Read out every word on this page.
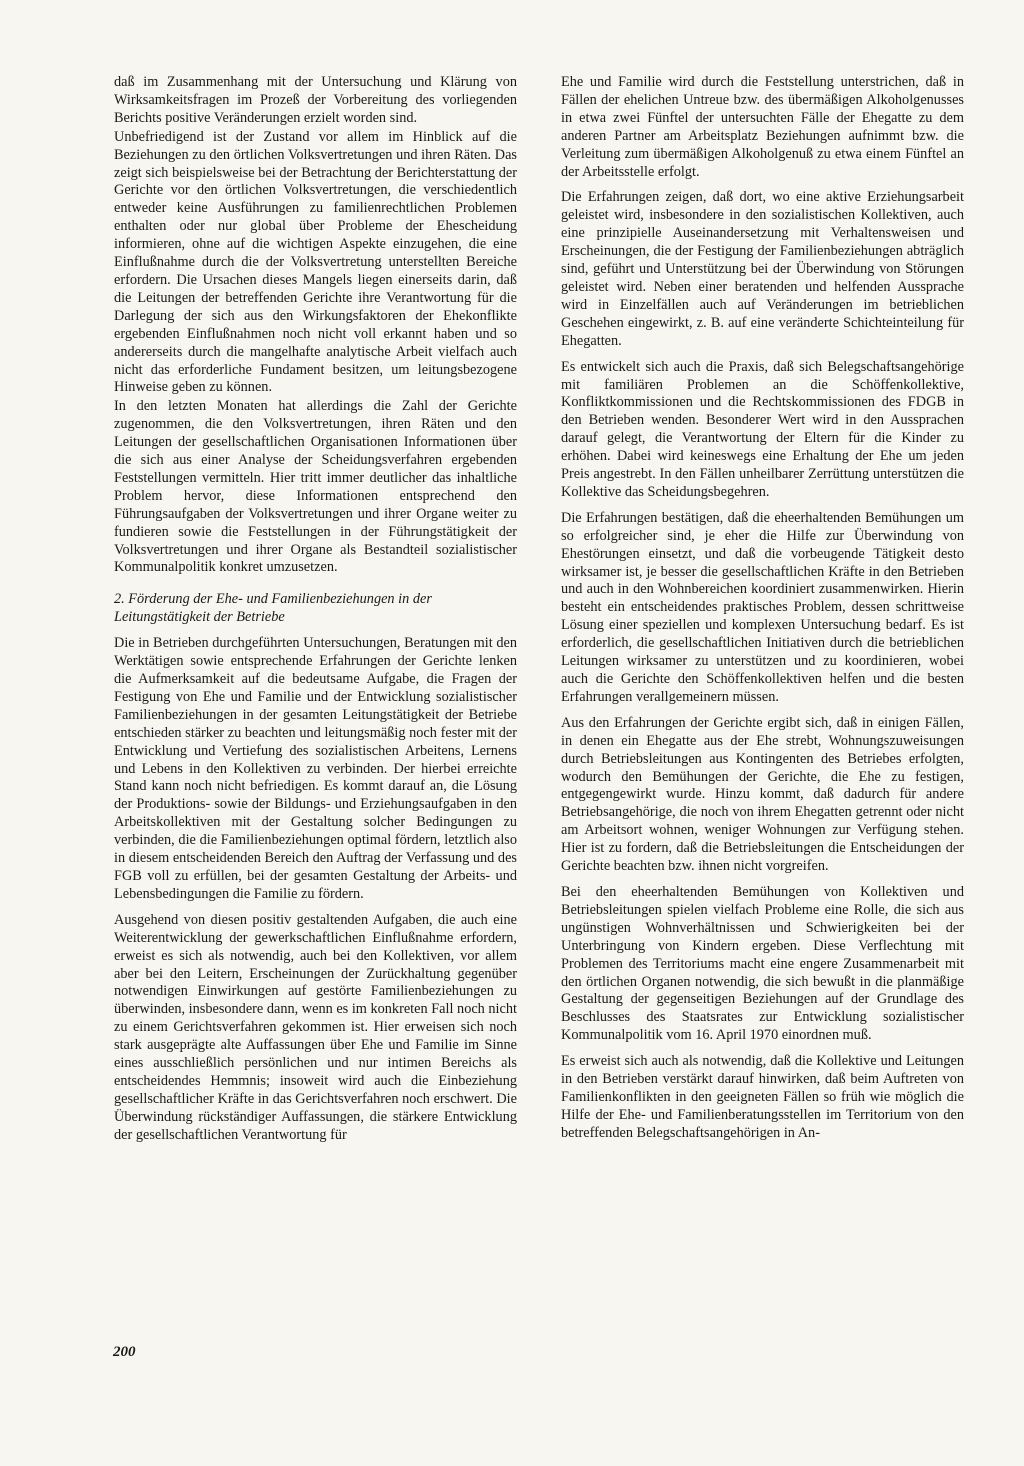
daß im Zusammenhang mit der Untersuchung und Klärung von Wirksamkeitsfragen im Prozeß der Vorbereitung des vorliegenden Berichts positive Veränderungen erzielt worden sind.

Unbefriedigend ist der Zustand vor allem im Hinblick auf die Beziehungen zu den örtlichen Volksvertretungen und ihren Räten. Das zeigt sich beispielsweise bei der Betrachtung der Berichterstattung der Gerichte vor den örtlichen Volksvertretungen, die verschiedentlich entweder keine Ausführungen zu familienrechtlichen Problemen enthalten oder nur global über Probleme der Ehescheidung informieren, ohne auf die wichtigen Aspekte einzugehen, die eine Einflußnahme durch die der Volksvertretung unterstellten Bereiche erfordern. Die Ursachen dieses Mangels liegen einerseits darin, daß die Leitungen der betreffenden Gerichte ihre Verantwortung für die Darlegung der sich aus den Wirkungsfaktoren der Ehekonflikte ergebenden Einflußnahmen noch nicht voll erkannt haben und so andererseits durch die mangelhafte analytische Arbeit vielfach auch nicht das erforderliche Fundament besitzen, um leitungsbezogene Hinweise geben zu können.

In den letzten Monaten hat allerdings die Zahl der Gerichte zugenommen, die den Volksvertretungen, ihren Räten und den Leitungen der gesellschaftlichen Organisationen Informationen über die sich aus einer Analyse der Scheidungsverfahren ergebenden Feststellungen vermitteln. Hier tritt immer deutlicher das inhaltliche Problem hervor, diese Informationen entsprechend den Führungsaufgaben der Volksvertretungen und ihrer Organe weiter zu fundieren sowie die Feststellungen in der Führungstätigkeit der Volksvertretungen und ihrer Organe als Bestandteil sozialistischer Kommunalpolitik konkret umzusetzen.

2. Förderung der Ehe- und Familienbeziehungen in der Leitungstätigkeit der Betriebe

Die in Betrieben durchgeführten Untersuchungen, Beratungen mit den Werktätigen sowie entsprechende Erfahrungen der Gerichte lenken die Aufmerksamkeit auf die bedeutsame Aufgabe, die Fragen der Festigung von Ehe und Familie und der Entwicklung sozialistischer Familienbeziehungen in der gesamten Leitungstätigkeit der Betriebe entschieden stärker zu beachten und leitungsmäßig noch fester mit der Entwicklung und Vertiefung des sozialistischen Arbeitens, Lernens und Lebens in den Kollektiven zu verbinden. Der hierbei erreichte Stand kann noch nicht befriedigen. Es kommt darauf an, die Lösung der Produktions- sowie der Bildungs- und Erziehungsaufgaben in den Arbeitskollektiven mit der Gestaltung solcher Bedingungen zu verbinden, die die Familienbeziehungen optimal fördern, letztlich also in diesem entscheidenden Bereich den Auftrag der Verfassung und des FGB voll zu erfüllen, bei der gesamten Gestaltung der Arbeits- und Lebensbedingungen die Familie zu fördern.

Ausgehend von diesen positiv gestaltenden Aufgaben, die auch eine Weiterentwicklung der gewerkschaftlichen Einflußnahme erfordern, erweist es sich als notwendig, auch bei den Kollektiven, vor allem aber bei den Leitern, Erscheinungen der Zurückhaltung gegenüber notwendigen Einwirkungen auf gestörte Familienbeziehungen zu überwinden, insbesondere dann, wenn es im konkreten Fall noch nicht zu einem Gerichtsverfahren gekommen ist. Hier erweisen sich noch stark ausgeprägte alte Auffassungen über Ehe und Familie im Sinne eines ausschließlich persönlichen und nur intimen Bereichs als entscheidendes Hemmnis; insoweit wird auch die Einbeziehung gesellschaftlicher Kräfte in das Gerichtsverfahren noch erschwert. Die Überwindung rückständiger Auffassungen, die stärkere Entwicklung der gesellschaftlichen Verantwortung für

Ehe und Familie wird durch die Feststellung unterstrichen, daß in Fällen der ehelichen Untreue bzw. des übermäßigen Alkoholgenusses in etwa zwei Fünftel der untersuchten Fälle der Ehegatte zu dem anderen Partner am Arbeitsplatz Beziehungen aufnimmt bzw. die Verleitung zum übermäßigen Alkoholgenuß zu etwa einem Fünftel an der Arbeitsstelle erfolgt.

Die Erfahrungen zeigen, daß dort, wo eine aktive Erziehungsarbeit geleistet wird, insbesondere in den sozialistischen Kollektiven, auch eine prinzipielle Auseinandersetzung mit Verhaltensweisen und Erscheinungen, die der Festigung der Familienbeziehungen abträglich sind, geführt und Unterstützung bei der Überwindung von Störungen geleistet wird. Neben einer beratenden und helfenden Aussprache wird in Einzelfällen auch auf Veränderungen im betrieblichen Geschehen eingewirkt, z. B. auf eine veränderte Schichteinteilung für Ehegatten.

Es entwickelt sich auch die Praxis, daß sich Belegschaftsangehörige mit familiären Problemen an die Schöffenkollektive, Konfliktkommissionen und die Rechtskommissionen des FDGB in den Betrieben wenden. Besonderer Wert wird in den Aussprachen darauf gelegt, die Verantwortung der Eltern für die Kinder zu erhöhen. Dabei wird keineswegs eine Erhaltung der Ehe um jeden Preis angestrebt. In den Fällen unheilbarer Zerrüttung unterstützen die Kollektive das Scheidungsbegehren.

Die Erfahrungen bestätigen, daß die eheerhaltenden Bemühungen um so erfolgreicher sind, je eher die Hilfe zur Überwindung von Ehestörungen einsetzt, und daß die vorbeugende Tätigkeit desto wirksamer ist, je besser die gesellschaftlichen Kräfte in den Betrieben und auch in den Wohnbereichen koordiniert zusammenwirken. Hierin besteht ein entscheidendes praktisches Problem, dessen schrittweise Lösung einer speziellen und komplexen Untersuchung bedarf. Es ist erforderlich, die gesellschaftlichen Initiativen durch die betrieblichen Leitungen wirksamer zu unterstützen und zu koordinieren, wobei auch die Gerichte den Schöffenkollektiven helfen und die besten Erfahrungen verallgemeinern müssen.

Aus den Erfahrungen der Gerichte ergibt sich, daß in einigen Fällen, in denen ein Ehegatte aus der Ehe strebt, Wohnungszuweisungen durch Betriebsleitungen aus Kontingenten des Betriebes erfolgten, wodurch den Bemühungen der Gerichte, die Ehe zu festigen, entgegengewirkt wurde. Hinzu kommt, daß dadurch für andere Betriebsangehörige, die noch von ihrem Ehegatten getrennt oder nicht am Arbeitsort wohnen, weniger Wohnungen zur Verfügung stehen. Hier ist zu fordern, daß die Betriebsleitungen die Entscheidungen der Gerichte beachten bzw. ihnen nicht vorgreifen.

Bei den eheerhaltenden Bemühungen von Kollektiven und Betriebsleitungen spielen vielfach Probleme eine Rolle, die sich aus ungünstigen Wohnverhältnissen und Schwierigkeiten bei der Unterbringung von Kindern ergeben. Diese Verflechtung mit Problemen des Territoriums macht eine engere Zusammenarbeit mit den örtlichen Organen notwendig, die sich bewußt in die planmäßige Gestaltung der gegenseitigen Beziehungen auf der Grundlage des Beschlusses des Staatsrates zur Entwicklung sozialistischer Kommunalpolitik vom 16. April 1970 einordnen muß.

Es erweist sich auch als notwendig, daß die Kollektive und Leitungen in den Betrieben verstärkt darauf hinwirken, daß beim Auftreten von Familienkonflikten in den geeigneten Fällen so früh wie möglich die Hilfe der Ehe- und Familienberatungsstellen im Territorium von den betreffenden Belegschaftsangehörigen in An-

200
